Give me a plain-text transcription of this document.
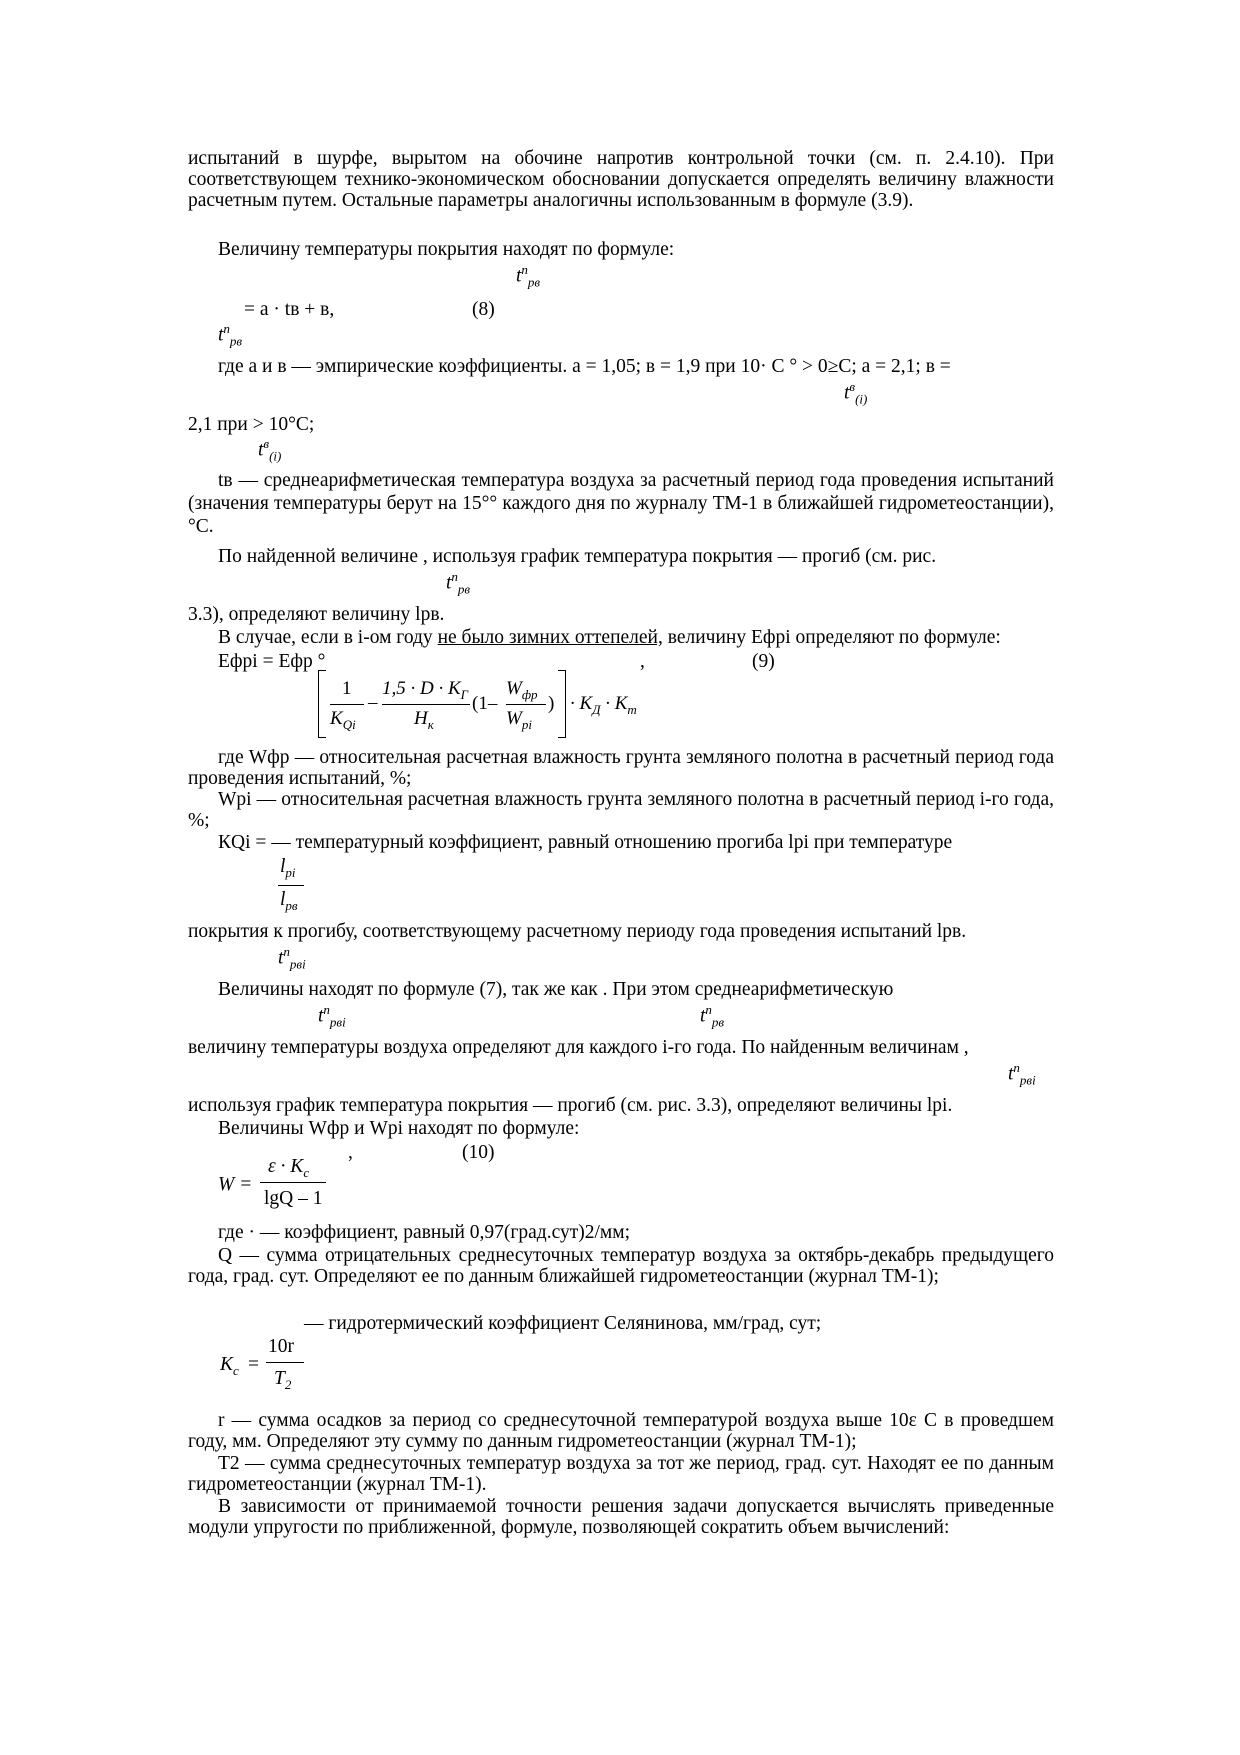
испытаний в шурфе, вырытом на обочине напротив контрольной точки (см. п. 2.4.10). При соответствующем технико-экономическом обосновании допускается определять величину влажности расчетным путем. Остальные параметры аналогичны использованным в формуле (3.9).

Величину температуры покрытия находят по формуле:
$t^п_{рв}$
= а · tв + в,	(8)
$t^п_{рв}$
где а и в — эмпирические коэффициенты. а = 1,05; в = 1,9 при 10· С ° > 0≥С; а = 2,1; в =
$t^в_{(i)}$
2,1 при > 10°С;
$t^в_{(i)}$

tв — среднеарифметическая температура воздуха за расчетный период года проведения испытаний (значения температуры берут на 15°° каждого дня по журналу ТМ-1 в ближайшей гидрометеостанции), °С.

По найденной величине , используя график температура покрытия — прогиб (см. рис.
$t^п_{рв}$
3.3), определяют величину lрв.
В случае, если в i-ом году не было зимних оттепелей, величину Ефрi определяют по формуле:
Ефрi = Ефр °	,	(9)
1
$K_{Qi}$
–
$1,5 \cdot D \cdot K_Г$
$H_к$
(1–
$W_{фр}$
$W_{рi}$
) · $K_Д \cdot K_т$

где Wфр — относительная расчетная влажность грунта земляного полотна в расчетный период года проведения испытаний, %;

Wpi — относительная расчетная влажность грунта земляного полотна в расчетный период i-го года, %;

КQi = — температурный коэффициент, равный отношению прогиба lpi при температуре
$l_{pi}$
$l_{рв}$
покрытия к прогибу, соответствующему расчетному периоду года проведения испытаний lрв.
$t^п_{рвi}$
Величины находят по формуле (7), так же как . При этом среднеарифметическую
$t^п_{рвi}$	$t^п_{рв}$
величину температуры воздуха определяют для каждого i-го года. По найденным величинам ,
$t^п_{рвi}$
используя график температура покрытия — прогиб (см. рис. 3.3), определяют величины lpi.
Величины Wфр и Wpi находят по формуле:
,	(10)
W =
$\varepsilon \cdot K_c$
lgQ – 1
где · — коэффициент, равный 0,97(град.сут)2/мм;

Q — сумма отрицательных среднесуточных температур воздуха за октябрь-декабрь предыдущего года, град. сут. Определяют ее по данным ближайшей гидрометеостанции (журнал ТМ-1);

— гидротермический коэффициент Селянинова, мм/град, сут;
$K_c$ =
10r
$T_2$

r — сумма осадков за период со среднесуточной температурой воздуха выше 10ε С в проведшем году, мм. Определяют эту сумму по данным гидрометеостанции (журнал ТМ-1);

Т2 — сумма среднесуточных температур воздуха за тот же период, град. сут. Находят ее по данным гидрометеостанции (журнал ТМ-1).

В зависимости от принимаемой точности решения задачи допускается вычислять приведенные модули упругости по приближенной, формуле, позволяющей сократить объем вычислений:
